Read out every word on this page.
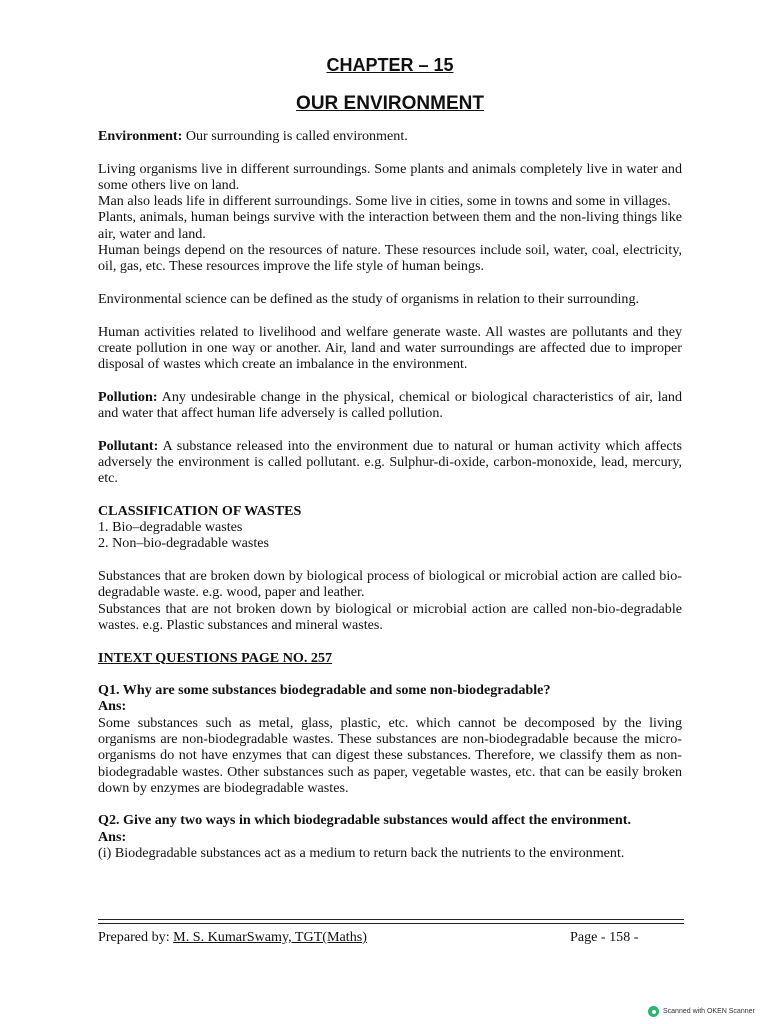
CHAPTER – 15
OUR ENVIRONMENT

Environment: Our surrounding is called environment.

Living organisms live in different surroundings. Some plants and animals completely live in water and some others live on land.

Man also leads life in different surroundings. Some live in cities, some in towns and some in villages.

Plants, animals, human beings survive with the interaction between them and the non-living things like air, water and land.

Human beings depend on the resources of nature. These resources include soil, water, coal, electricity, oil, gas, etc. These resources improve the life style of human beings.

Environmental science can be defined as the study of organisms in relation to their surrounding.

Human activities related to livelihood and welfare generate waste. All wastes are pollutants and they create pollution in one way or another. Air, land and water surroundings are affected due to improper disposal of wastes which create an imbalance in the environment.

Pollution: Any undesirable change in the physical, chemical or biological characteristics of air, land and water that affect human life adversely is called pollution.

Pollutant: A substance released into the environment due to natural or human activity which affects adversely the environment is called pollutant. e.g. Sulphur-di-oxide, carbon-monoxide, lead, mercury, etc.

CLASSIFICATION OF WASTES

1. Bio–degradable wastes

2. Non–bio-degradable wastes

Substances that are broken down by biological process of biological or microbial action are called bio-degradable waste. e.g. wood, paper and leather.

Substances that are not broken down by biological or microbial action are called non-bio-degradable wastes. e.g. Plastic substances and mineral wastes.

INTEXT QUESTIONS PAGE NO. 257

Q1. Why are some substances biodegradable and some non-biodegradable?

Ans:

Some substances such as metal, glass, plastic, etc. which cannot be decomposed by the living organisms are non-biodegradable wastes. These substances are non-biodegradable because the micro-organisms do not have enzymes that can digest these substances. Therefore, we classify them as non-biodegradable wastes. Other substances such as paper, vegetable wastes, etc. that can be easily broken down by enzymes are biodegradable wastes.

Q2. Give any two ways in which biodegradable substances would affect the environment.

Ans:

(i) Biodegradable substances act as a medium to return back the nutrients to the environment.

Prepared by: M. S. KumarSwamy, TGT(Maths)	Page - 158 -
Scanned with OKEN Scanner
